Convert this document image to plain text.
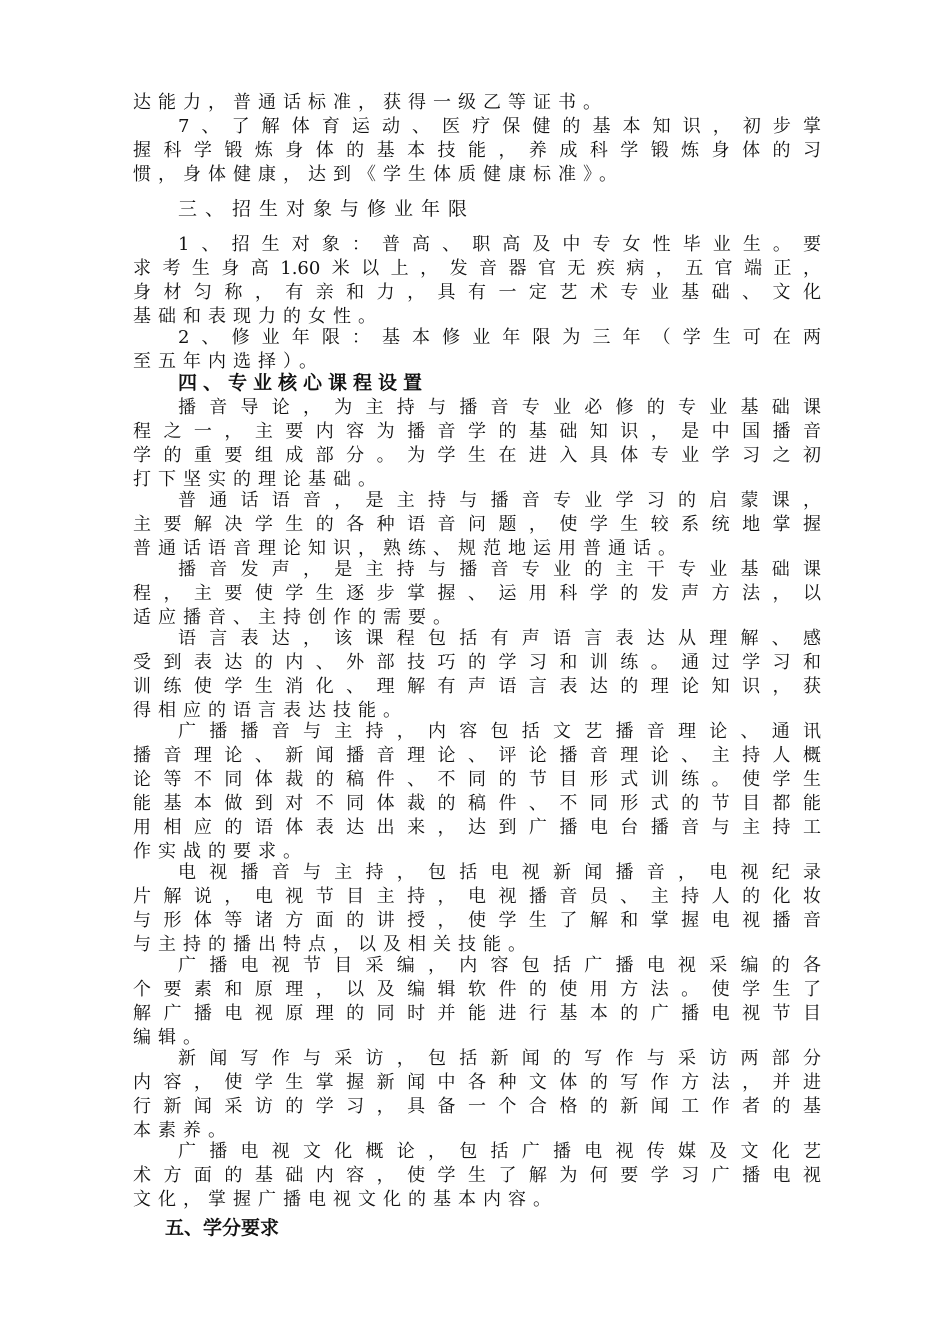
达能力，普通话标准，获得一级乙等证书。
7、了解体育运动、医疗保健的基本知识，初步掌
握科学锻炼身体的基本技能，养成科学锻炼身体的习
惯，身体健康，达到《学生体质健康标准》。
三、招生对象与修业年限
1、招生对象：普高、职高及中专女性毕业生。要
求考生身高1.60米以上，发音器官无疾病，五官端正，
身材匀称，有亲和力，具有一定艺术专业基础、文化
基础和表现力的女性。
2、修业年限：基本修业年限为三年（学生可在两
至五年内选择）。
四、专业核心课程设置
播音导论，为主持与播音专业必修的专业基础课
程之一，主要内容为播音学的基础知识，是中国播音
学的重要组成部分。为学生在进入具体专业学习之初
打下坚实的理论基础。
普通话语音，是主持与播音专业学习的启蒙课，
主要解决学生的各种语音问题，使学生较系统地掌握
普通话语音理论知识，熟练、规范地运用普通话。
播音发声，是主持与播音专业的主干专业基础课
程，主要使学生逐步掌握、运用科学的发声方法，以
适应播音、主持创作的需要。
语言表达，该课程包括有声语言表达从理解、感
受到表达的内、外部技巧的学习和训练。通过学习和
训练使学生消化、理解有声语言表达的理论知识，获
得相应的语言表达技能。
广播播音与主持，内容包括文艺播音理论、通讯
播音理论、新闻播音理论、评论播音理论、主持人概
论等不同体裁的稿件、不同的节目形式训练。使学生
能基本做到对不同体裁的稿件、不同形式的节目都能
用相应的语体表达出来，达到广播电台播音与主持工
作实战的要求。
电视播音与主持，包括电视新闻播音，电视纪录
片解说，电视节目主持，电视播音员、主持人的化妆
与形体等诸方面的讲授，使学生了解和掌握电视播音
与主持的播出特点，以及相关技能。
广播电视节目采编，内容包括广播电视采编的各
个要素和原理，以及编辑软件的使用方法。使学生了
解广播电视原理的同时并能进行基本的广播电视节目
编辑。
新闻写作与采访，包括新闻的写作与采访两部分
内容，使学生掌握新闻中各种文体的写作方法，并进
行新闻采访的学习，具备一个合格的新闻工作者的基
本素养。
广播电视文化概论，包括广播电视传媒及文化艺
术方面的基础内容，使学生了解为何要学习广播电视
文化，掌握广播电视文化的基本内容。
五、学分要求
